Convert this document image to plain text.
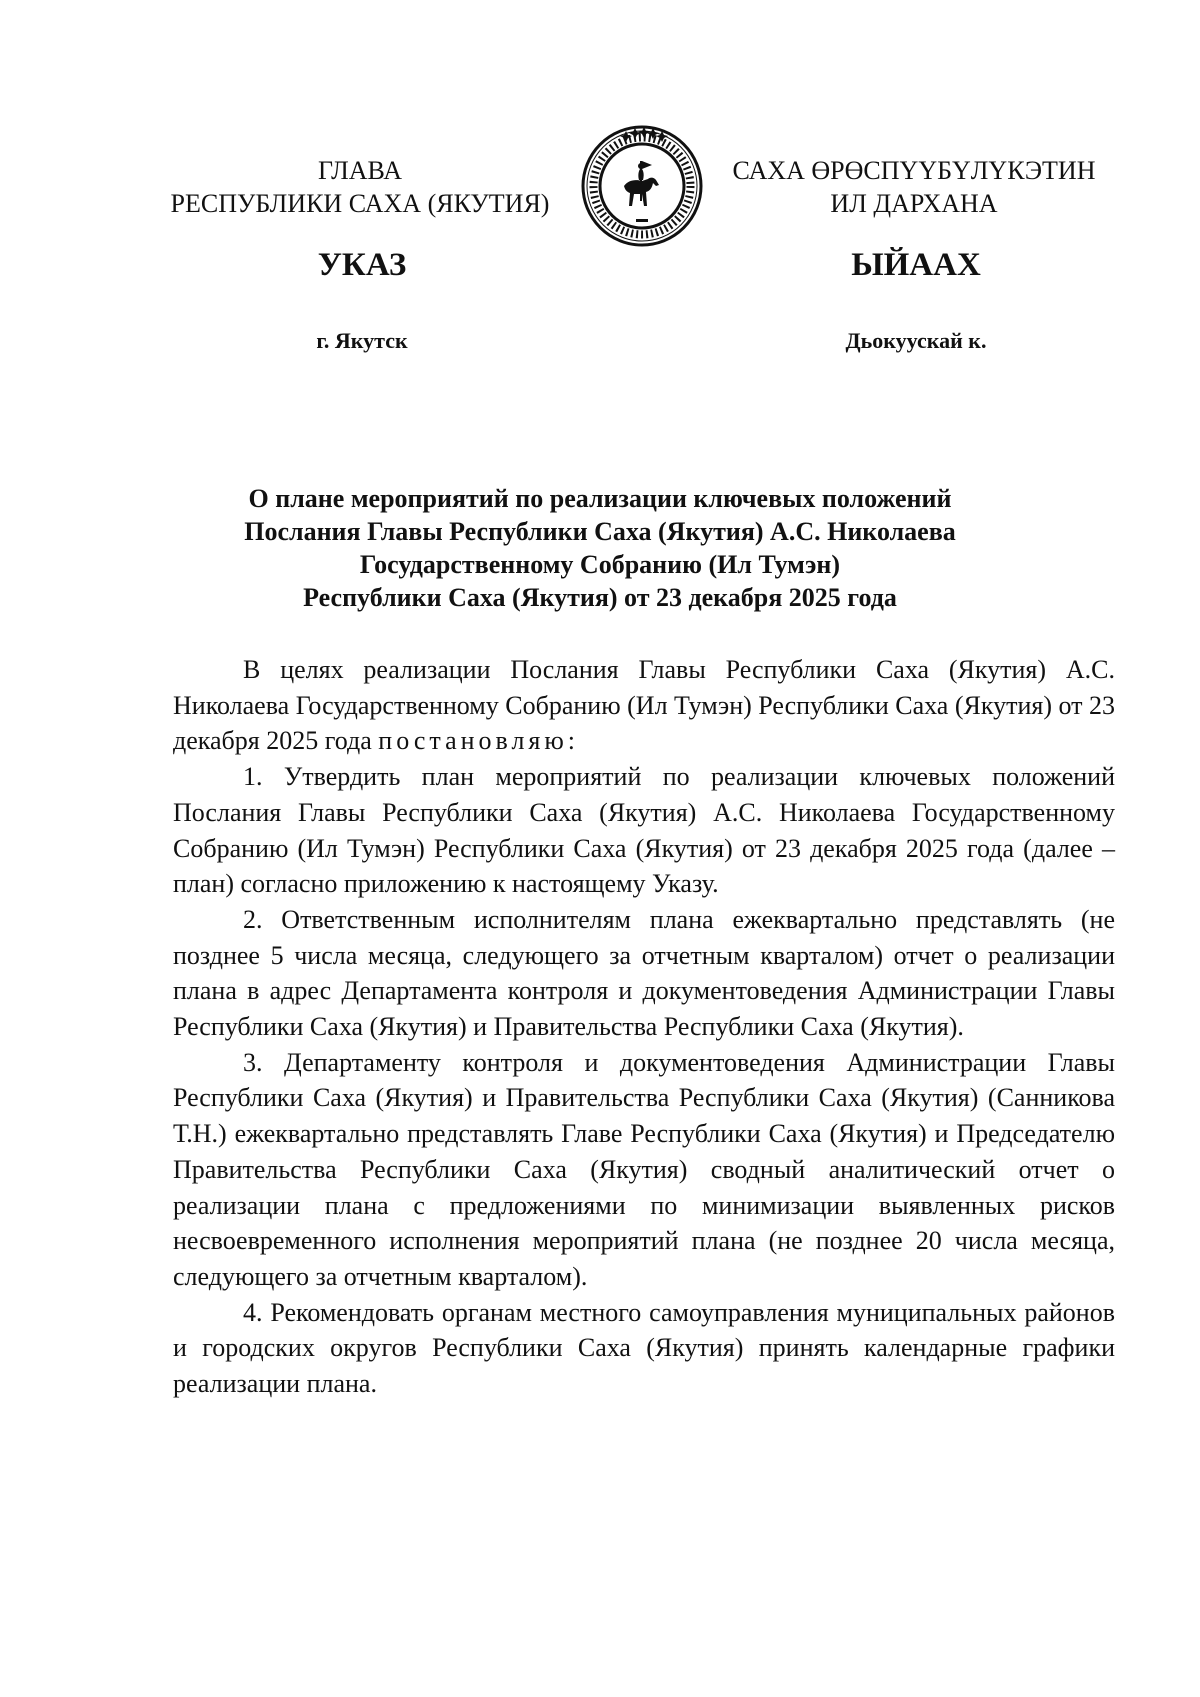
ГЛАВА
РЕСПУБЛИКИ САХА (ЯКУТИЯ)
САХА ӨРӨСПҮҮБҮЛҮКЭТИН
ИЛ ДАРХАНА
УКАЗ	ЫЙААХ
г. Якутск	Дьокуускай к.
О плане мероприятий по реализации ключевых положений
Послания Главы Республики Саха (Якутия) А.С. Николаева
Государственному Собранию (Ил Тумэн)
Республики Саха (Якутия) от 23 декабря 2025 года

В целях реализации Послания Главы Республики Саха (Якутия) А.С. Николаева Государственному Собранию (Ил Тумэн) Республики Саха (Якутия) от 23 декабря 2025 года постановляю:

1. Утвердить план мероприятий по реализации ключевых положений Послания Главы Республики Саха (Якутия) А.С. Николаева Государственному Собранию (Ил Тумэн) Республики Саха (Якутия) от 23 декабря 2025 года (далее – план) согласно приложению к настоящему Указу.

2. Ответственным исполнителям плана ежеквартально представлять (не позднее 5 числа месяца, следующего за отчетным кварталом) отчет о реализации плана в адрес Департамента контроля и документоведения Администрации Главы Республики Саха (Якутия) и Правительства Республики Саха (Якутия).

3. Департаменту контроля и документоведения Администрации Главы Республики Саха (Якутия) и Правительства Республики Саха (Якутия) (Санникова Т.Н.) ежеквартально представлять Главе Республики Саха (Якутия) и Председателю Правительства Республики Саха (Якутия) сводный аналитический отчет о реализации плана с предложениями по минимизации выявленных рисков несвоевременного исполнения мероприятий плана (не позднее 20 числа месяца, следующего за отчетным кварталом).

4. Рекомендовать органам местного самоуправления муниципальных районов и городских округов Республики Саха (Якутия) принять календарные графики реализации плана.
